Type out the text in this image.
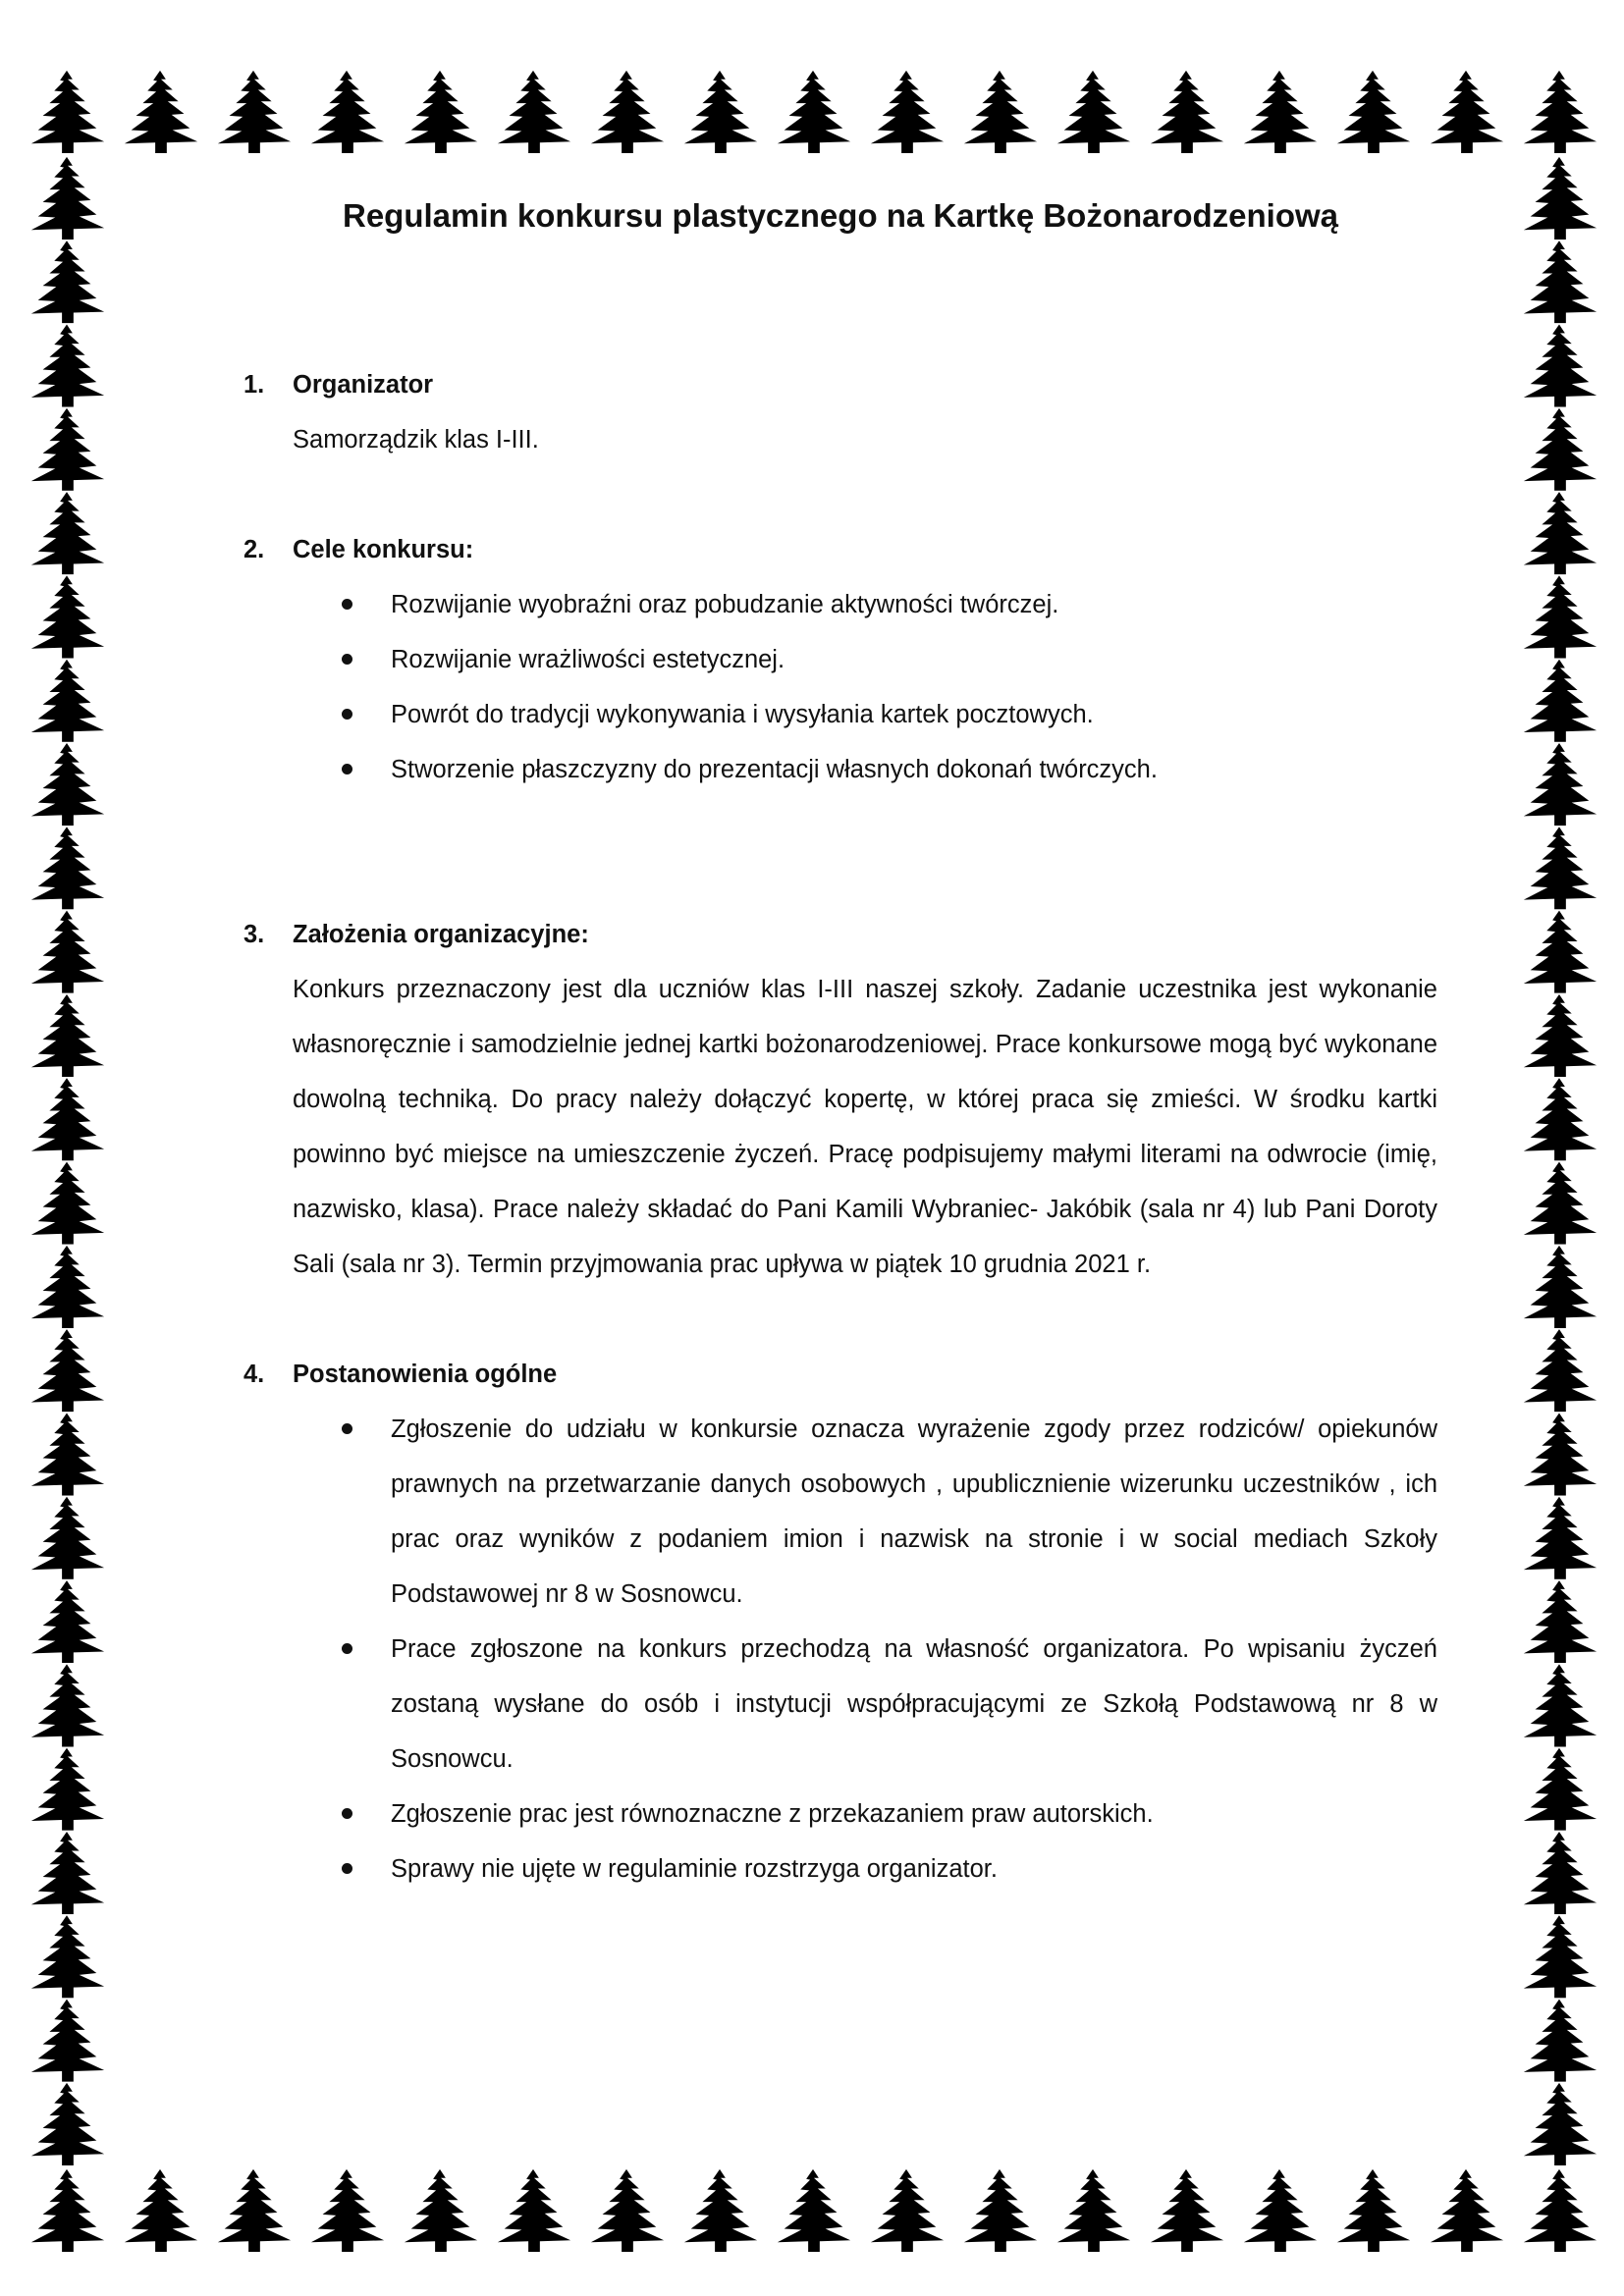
Regulamin konkursu plastycznego na Kartkę Bożonarodzeniową
1.	Organizator
Samorządzik klas I-III.
2.	Cele konkursu:
Rozwijanie wyobraźni oraz pobudzanie aktywności twórczej.
Rozwijanie wrażliwości estetycznej.
Powrót do tradycji wykonywania i wysyłania kartek pocztowych.
Stworzenie płaszczyzny do prezentacji własnych dokonań twórczych.
3.	Założenia organizacyjne:
Konkurs przeznaczony jest dla uczniów klas I-III naszej szkoły. Zadanie uczestnika jest wykonanie własnoręcznie i samodzielnie jednej kartki bożonarodzeniowej. Prace konkursowe mogą być wykonane dowolną techniką. Do pracy należy dołączyć kopertę, w której praca się zmieści. W środku kartki powinno być miejsce na umieszczenie życzeń. Pracę podpisujemy małymi literami na odwrocie (imię, nazwisko, klasa). Prace należy składać do Pani Kamili Wybraniec- Jakóbik (sala nr 4) lub Pani Doroty Sali (sala nr 3). Termin przyjmowania prac upływa w piątek 10 grudnia 2021 r.
4.	Postanowienia ogólne
Zgłoszenie do udziału w konkursie oznacza wyrażenie zgody przez rodziców/ opiekunów prawnych na przetwarzanie danych osobowych , upublicznienie wizerunku uczestników , ich prac oraz wyników z podaniem imion i nazwisk na stronie i w social mediach Szkoły Podstawowej nr 8 w Sosnowcu.
Prace zgłoszone na konkurs przechodzą na własność organizatora. Po wpisaniu życzeń zostaną wysłane do osób i instytucji współpracującymi ze Szkołą Podstawową nr 8 w Sosnowcu.
Zgłoszenie prac jest równoznaczne z przekazaniem praw autorskich.
Sprawy nie ujęte w regulaminie rozstrzyga organizator.
